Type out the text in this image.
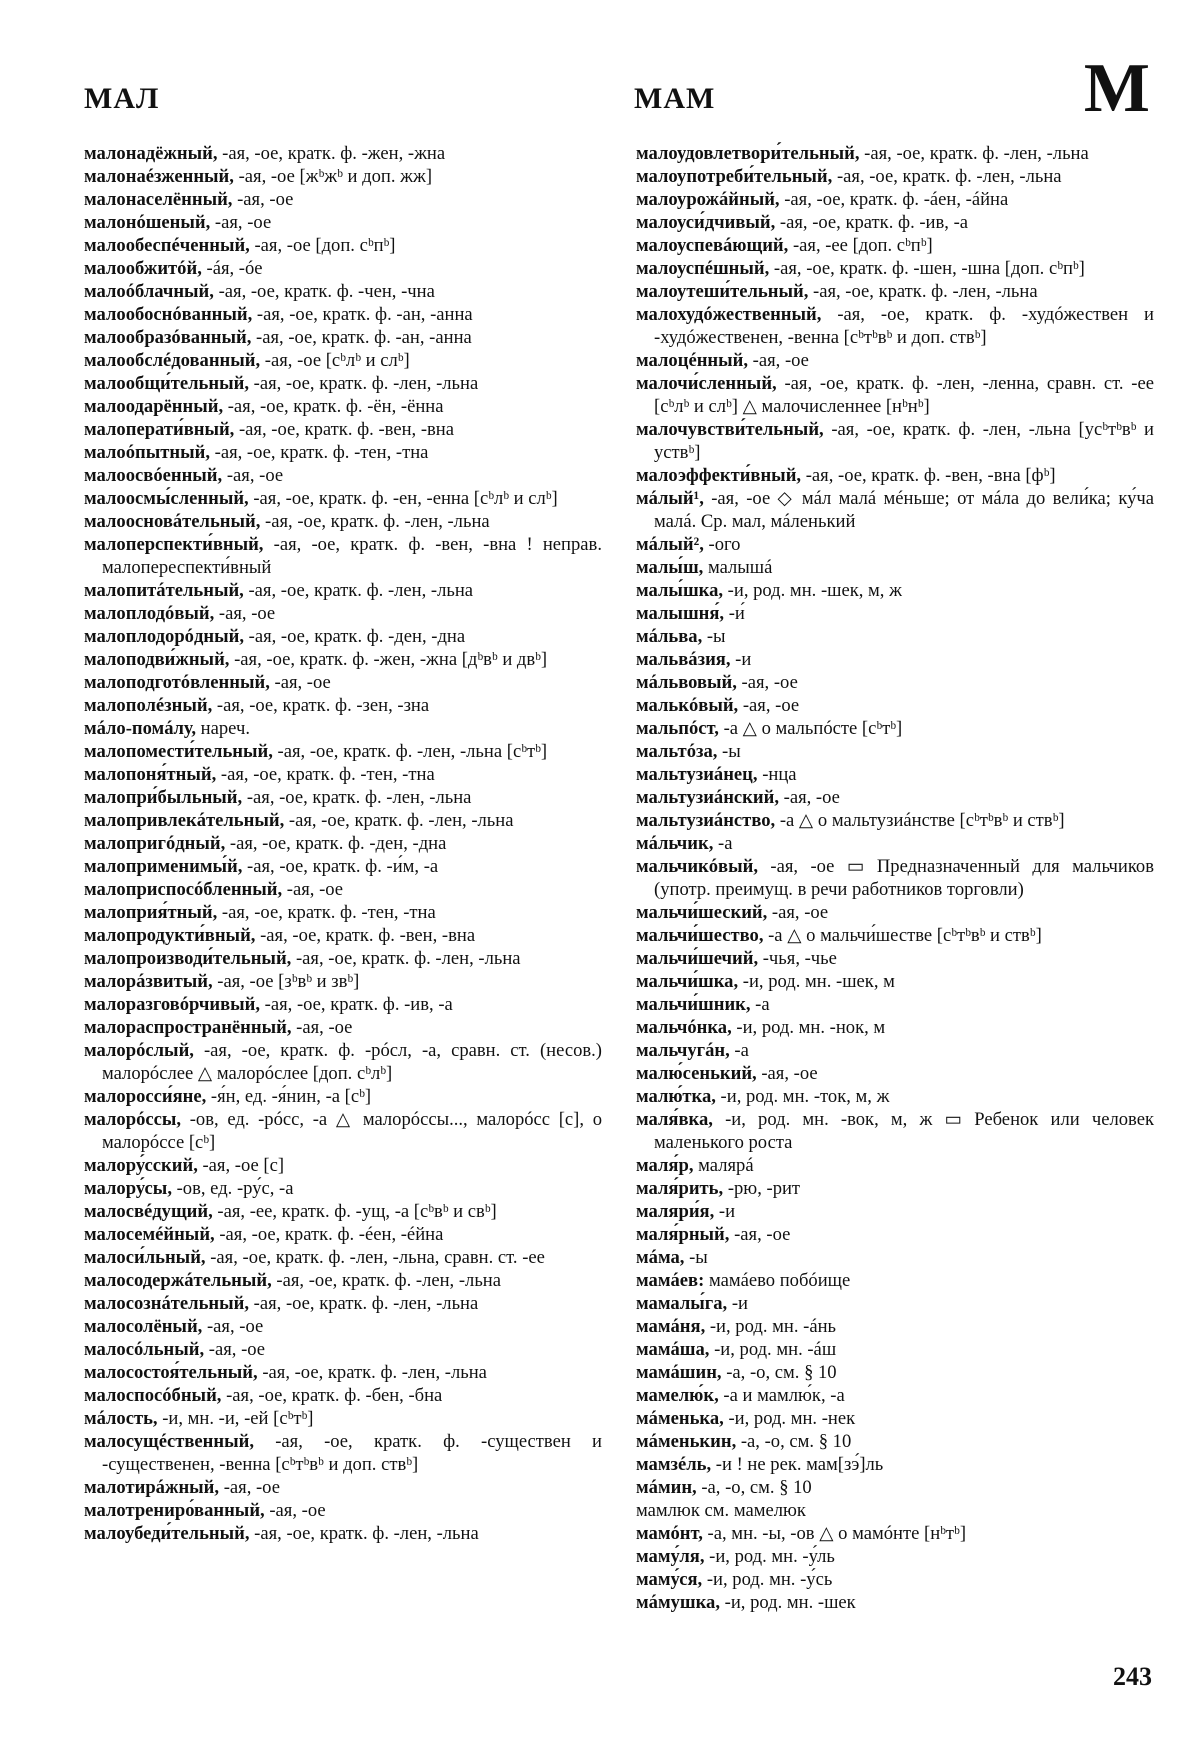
МАЛ	МАМ	М

малонадёжный, -ая, -ое, кратк. ф. -жен, -жна

малонаéзженный, -ая, -ое [жᵇжᵇ и доп. жж]

малонаселённый, -ая, -ое

малонóшеный, -ая, -ое

малообеспéченный, -ая, -ое [доп. сᵇпᵇ]

малообжитóй, -áя, -óе

малоóблачный, -ая, -ое, кратк. ф. -чен, -чна

малообоснóванный, -ая, -ое, кратк. ф. -ан, -анна

малообразóванный, -ая, -ое, кратк. ф. -ан, -анна

малообслéдованный, -ая, -ое [сᵇлᵇ и слᵇ]

малообщи́тельный, -ая, -ое, кратк. ф. -лен, -льна

малоодарённый, -ая, -ое, кратк. ф. -ён, -ённа

малоперати́вный, -ая, -ое, кратк. ф. -вен, -вна

малоóпытный, -ая, -ое, кратк. ф. -тен, -тна

малоосвóенный, -ая, -ое

малоосмы́сленный, -ая, -ое, кратк. ф. -ен, -енна [сᵇлᵇ и слᵇ]

малоосновáтельный, -ая, -ое, кратк. ф. -лен, -льна

малоперспекти́вный, -ая, -ое, кратк. ф. -вен, -вна ! неправ. малопереспекти́вный

малопитáтельный, -ая, -ое, кратк. ф. -лен, -льна

малоплодóвый, -ая, -ое

малоплодорóдный, -ая, -ое, кратк. ф. -ден, -дна

малоподви́жный, -ая, -ое, кратк. ф. -жен, -жна [дᵇвᵇ и двᵇ]

малоподготóвленный, -ая, -ое

малополéзный, -ая, -ое, кратк. ф. -зен, -зна

мáло-помáлу, нареч.

малопомести́тельный, -ая, -ое, кратк. ф. -лен, -льна [сᵇтᵇ]

малопоня́тный, -ая, -ое, кратк. ф. -тен, -тна

малопри́быльный, -ая, -ое, кратк. ф. -лен, -льна

малопривлекáтельный, -ая, -ое, кратк. ф. -лен, -льна

малопригóдный, -ая, -ое, кратк. ф. -ден, -дна

малоприменимы́й, -ая, -ое, кратк. ф. -и́м, -а

малоприспосóбленный, -ая, -ое

малоприя́тный, -ая, -ое, кратк. ф. -тен, -тна

малопродукти́вный, -ая, -ое, кратк. ф. -вен, -вна

малопроизводи́тельный, -ая, -ое, кратк. ф. -лен, -льна

малорáзвитый, -ая, -ое [зᵇвᵇ и звᵇ]

малоразговóрчивый, -ая, -ое, кратк. ф. -ив, -а

малораспространённый, -ая, -ое

малорóслый, -ая, -ое, кратк. ф. -рóсл, -а, сравн. ст. (несов.) малорóслее △ малорóслее [доп. сᵇлᵇ]

малоросси́яне, -я́н, ед. -я́нин, -а [сᵇ]

малорóссы, -ов, ед. -рóсс, -а △ малорóссы..., малорóсс [с], о малорóссе [сᵇ]

малору́сский, -ая, -ое [с]

малору́сы, -ов, ед. -ру́с, -а

малосвéдущий, -ая, -ее, кратк. ф. -ущ, -а [сᵇвᵇ и свᵇ]

малосемéйный, -ая, -ое, кратк. ф. -éен, -éйна

малоси́льный, -ая, -ое, кратк. ф. -лен, -льна, сравн. ст. -ее

малосодержáтельный, -ая, -ое, кратк. ф. -лен, -льна

малосознáтельный, -ая, -ое, кратк. ф. -лен, -льна

малосолёный, -ая, -ое

малосóльный, -ая, -ое

малосостоя́тельный, -ая, -ое, кратк. ф. -лен, -льна

малоспосóбный, -ая, -ое, кратк. ф. -бен, -бна

мáлость, -и, мн. -и, -ей [сᵇтᵇ]

малосущéственный, -ая, -ое, кратк. ф. -существен и -существенен, -венна [сᵇтᵇвᵇ и доп. ствᵇ]

малотирáжный, -ая, -ое

малотрениро́ванный, -ая, -ое

малоубеди́тельный, -ая, -ое, кратк. ф. -лен, -льна

малоудовлетвори́тельный, -ая, -ое, кратк. ф. -лен, -льна

малоупотреби́тельный, -ая, -ое, кратк. ф. -лен, -льна

малоурожáйный, -ая, -ое, кратк. ф. -áен, -áйна

малоуси́дчивый, -ая, -ое, кратк. ф. -ив, -а

малоуспевáющий, -ая, -ее [доп. сᵇпᵇ]

малоуспéшный, -ая, -ое, кратк. ф. -шен, -шна [доп. сᵇпᵇ]

малоутеши́тельный, -ая, -ое, кратк. ф. -лен, -льна

малохудóжественный, -ая, -ое, кратк. ф. -худóжествен и -худóжественен, -венна [сᵇтᵇвᵇ и доп. ствᵇ]

малоцéнный, -ая, -ое

малочи́сленный, -ая, -ое, кратк. ф. -лен, -ленна, сравн. ст. -ее [сᵇлᵇ и слᵇ] △ малочисленнее [нᵇнᵇ]

малочувстви́тельный, -ая, -ое, кратк. ф. -лен, -льна [усᵇтᵇвᵇ и уствᵇ]

малоэффекти́вный, -ая, -ое, кратк. ф. -вен, -вна [фᵇ]

мáлый¹, -ая, -ое ◇ мáл малá мéньше; от мáла до вели́ка; ку́ча малá. Ср. мал, мáленький

мáлый², -ого

малы́ш, малышá

малы́шка, -и, род. мн. -шек, м, ж

малышня́, -и́

мáльва, -ы

мальвáзия, -и

мáльвовый, -ая, -ое

малькóвый, -ая, -ое

мальпóст, -а △ о мальпóсте [сᵇтᵇ]

мальтóза, -ы

мальтузиáнец, -нца

мальтузиáнский, -ая, -ое

мальтузиáнство, -а △ о мальтузиáнстве [сᵇтᵇвᵇ и ствᵇ]

мáльчик, -а

мальчикóвый, -ая, -ое ▭ Предназначенный для мальчиков (употр. преимущ. в речи работников торговли)

мальчи́шеский, -ая, -ое

мальчи́шество, -а △ о мальчи́шестве [сᵇтᵇвᵇ и ствᵇ]

мальчи́шечий, -чья, -чье

мальчи́шка, -и, род. мн. -шек, м

мальчи́шник, -а

мальчóнка, -и, род. мн. -нок, м

мальчугáн, -а

малю́сенький, -ая, -ое

малю́тка, -и, род. мн. -ток, м, ж

маля́вка, -и, род. мн. -вок, м, ж ▭ Ребенок или человек маленького роста

маля́р, малярá

маля́рить, -рю, -рит

маляри́я, -и

маля́рный, -ая, -ое

мáма, -ы

мамáев: мамáево побóище

мамалы́га, -и

мамáня, -и, род. мн. -áнь

мамáша, -и, род. мн. -áш

мамáшин, -а, -о, см. § 10

мамелю́к, -а и мамлю́к, -а

мáменька, -и, род. мн. -нек

мáменькин, -а, -о, см. § 10

мамзéль, -и ! не рек. мам[зэ́]ль

мáмин, -а, -о, см. § 10

мамлюк см. мамелюк

мамóнт, -а, мн. -ы, -ов △ о мамóнте [нᵇтᵇ]

маму́ля, -и, род. мн. -у́ль

маму́ся, -и, род. мн. -у́сь

мáмушка, -и, род. мн. -шек

243
